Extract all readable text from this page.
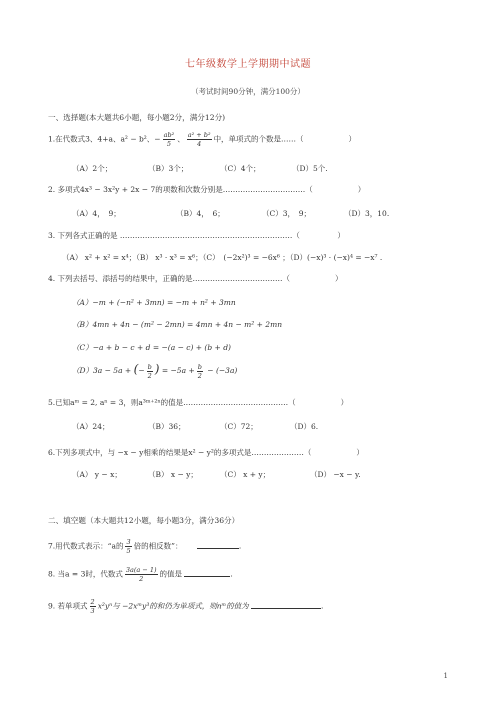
七年级数学上学期期中试题
（考试时间90分钟，满分100分）
一、选择题(本大题共6小题，每小题2分，满分12分)
1.在代数式3、4+a、a² − b²、− $\frac{\text{ab²}}{5}$ 、 $\frac{\text{a² + b²}}{4}$ 中，单项式的个数是……（　　　　　　）
（A）2个；	（B）3个；	（C）4个；	（D）5个.
2. 多项式4x³ − 3x²y + 2x − 7的项数和次数分别是……………………………（　　　　　　）
（A）4，　9；	（B）4，　6；	（C）3，　9；	（D）3，10.
3. 下列各式正确的是 ……………………………………………………………（　　　　　）
（A） x² + x² = x⁴；（B） x³ · x³ = x⁶；（C）　(−2x²)³ = −6x⁶ ；（D）(−x)³ · (−x)⁴ = −x⁷ .
4. 下列去括号、添括号的结果中，正确的是………………………………（　　　　　　）
（A）−m + (−n² + 3mn) = −m + n² + 3mn
（B）4mn + 4n − (m² − 2mn) = 4mn + 4n − m² + 2mn
（C）−a + b − c + d = −(a − c) + (b + d)
（D）3a − 5a + (− $\frac{b}{2}$ ) = $-5a + \frac{b}{2} - (-3a)$
5.已知aᵐ = 2, aⁿ = 3，则a³ᵐ⁺²ⁿ的值是……………………………………（　　　　　　）
（A）24；	（B）36；	（C）72；	（D）6.
6.下列多项式中，与 −x − y相乘的结果是x² − y²的多项式是…………………（　　　　　　）
（A） y − x；	（B） x − y；	（C） x + y；	（D） −x − y.
二、填空题（本大题共12小题，每小题3分，满分36分）
7.用代数式表示：“a的 $\frac{3}{5}$ 倍的相反数”：	.
8. 当a = 3时，代数式 $\frac{3a(a - 1)}{2}$ 的值是	.
9. 若单项式 $\frac{2}{3} x^2y^n$与 −2xᵐy³的和仍为单项式，则nᵐ的值为	.
1
